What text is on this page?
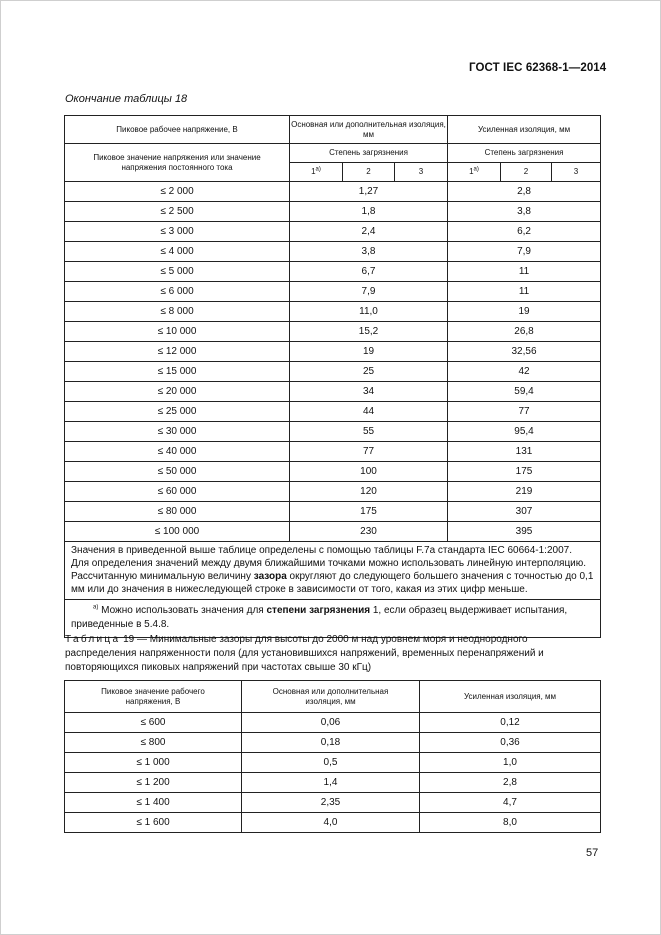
ГОСТ IEC 62368-1—2014
Окончание таблицы 18
Пиковое рабочее напряжение, В	Основная или дополнительная изоляция, мм			Усиленная изоляция, мм		
Пиковое значение напряжения или значение напряжения постоянного тока	Степень загрязнения			Степень загрязнения		
	1$^{a)}$	2	3	1$^{a)}$	2	3
≤ 2 000	1,27			2,8		
≤ 2 500	1,8			3,8		
≤ 3 000	2,4			6,2		
≤ 4 000	3,8			7,9		
≤ 5 000	6,7			11		
≤ 6 000	7,9			11		
≤ 8 000	11,0			19		
≤ 10 000	15,2			26,8		
≤ 12 000	19			32,56		
≤ 15 000	25			42		
≤ 20 000	34			59,4		
≤ 25 000	44			77		
≤ 30 000	55			95,4		
≤ 40 000	77			131		
≤ 50 000	100			175		
≤ 60 000	120			219		
≤ 80 000	175			307		
≤ 100 000	230			395		

Значения в приведенной выше таблице определены с помощью таблицы F.7а стандарта IEC 60664-1:2007.
Для определения значений между двумя ближайшими точками можно использовать линейную интерполяцию.
Рассчитанную минимальную величину зазора округляют до следующего большего значения с точностью до 0,1 мм или до значения в нижеследующей строке в зависимости от того, какая из этих цифр меньше.						

$^{a)}$ Можно использовать значения для степени загрязнения 1, если образец выдерживает испытания, приведенные в 5.4.8.						
Таблица 19 — Минимальные зазоры для высоты до 2000 м над уровнем моря и неоднородного распределения напряженности поля (для установившихся напряжений, временных перенапряжений и повторяющихся пиковых напряжений при частотах свыше 30 кГц)
Пиковое значение рабочего напряжения, В	Основная или дополнительная изоляция, мм	Усиленная изоляция, мм
≤ 600	0,06	0,12
≤ 800	0,18	0,36
≤ 1 000	0,5	1,0
≤ 1 200	1,4	2,8
≤ 1 400	2,35	4,7
≤ 1 600	4,0	8,0
57
